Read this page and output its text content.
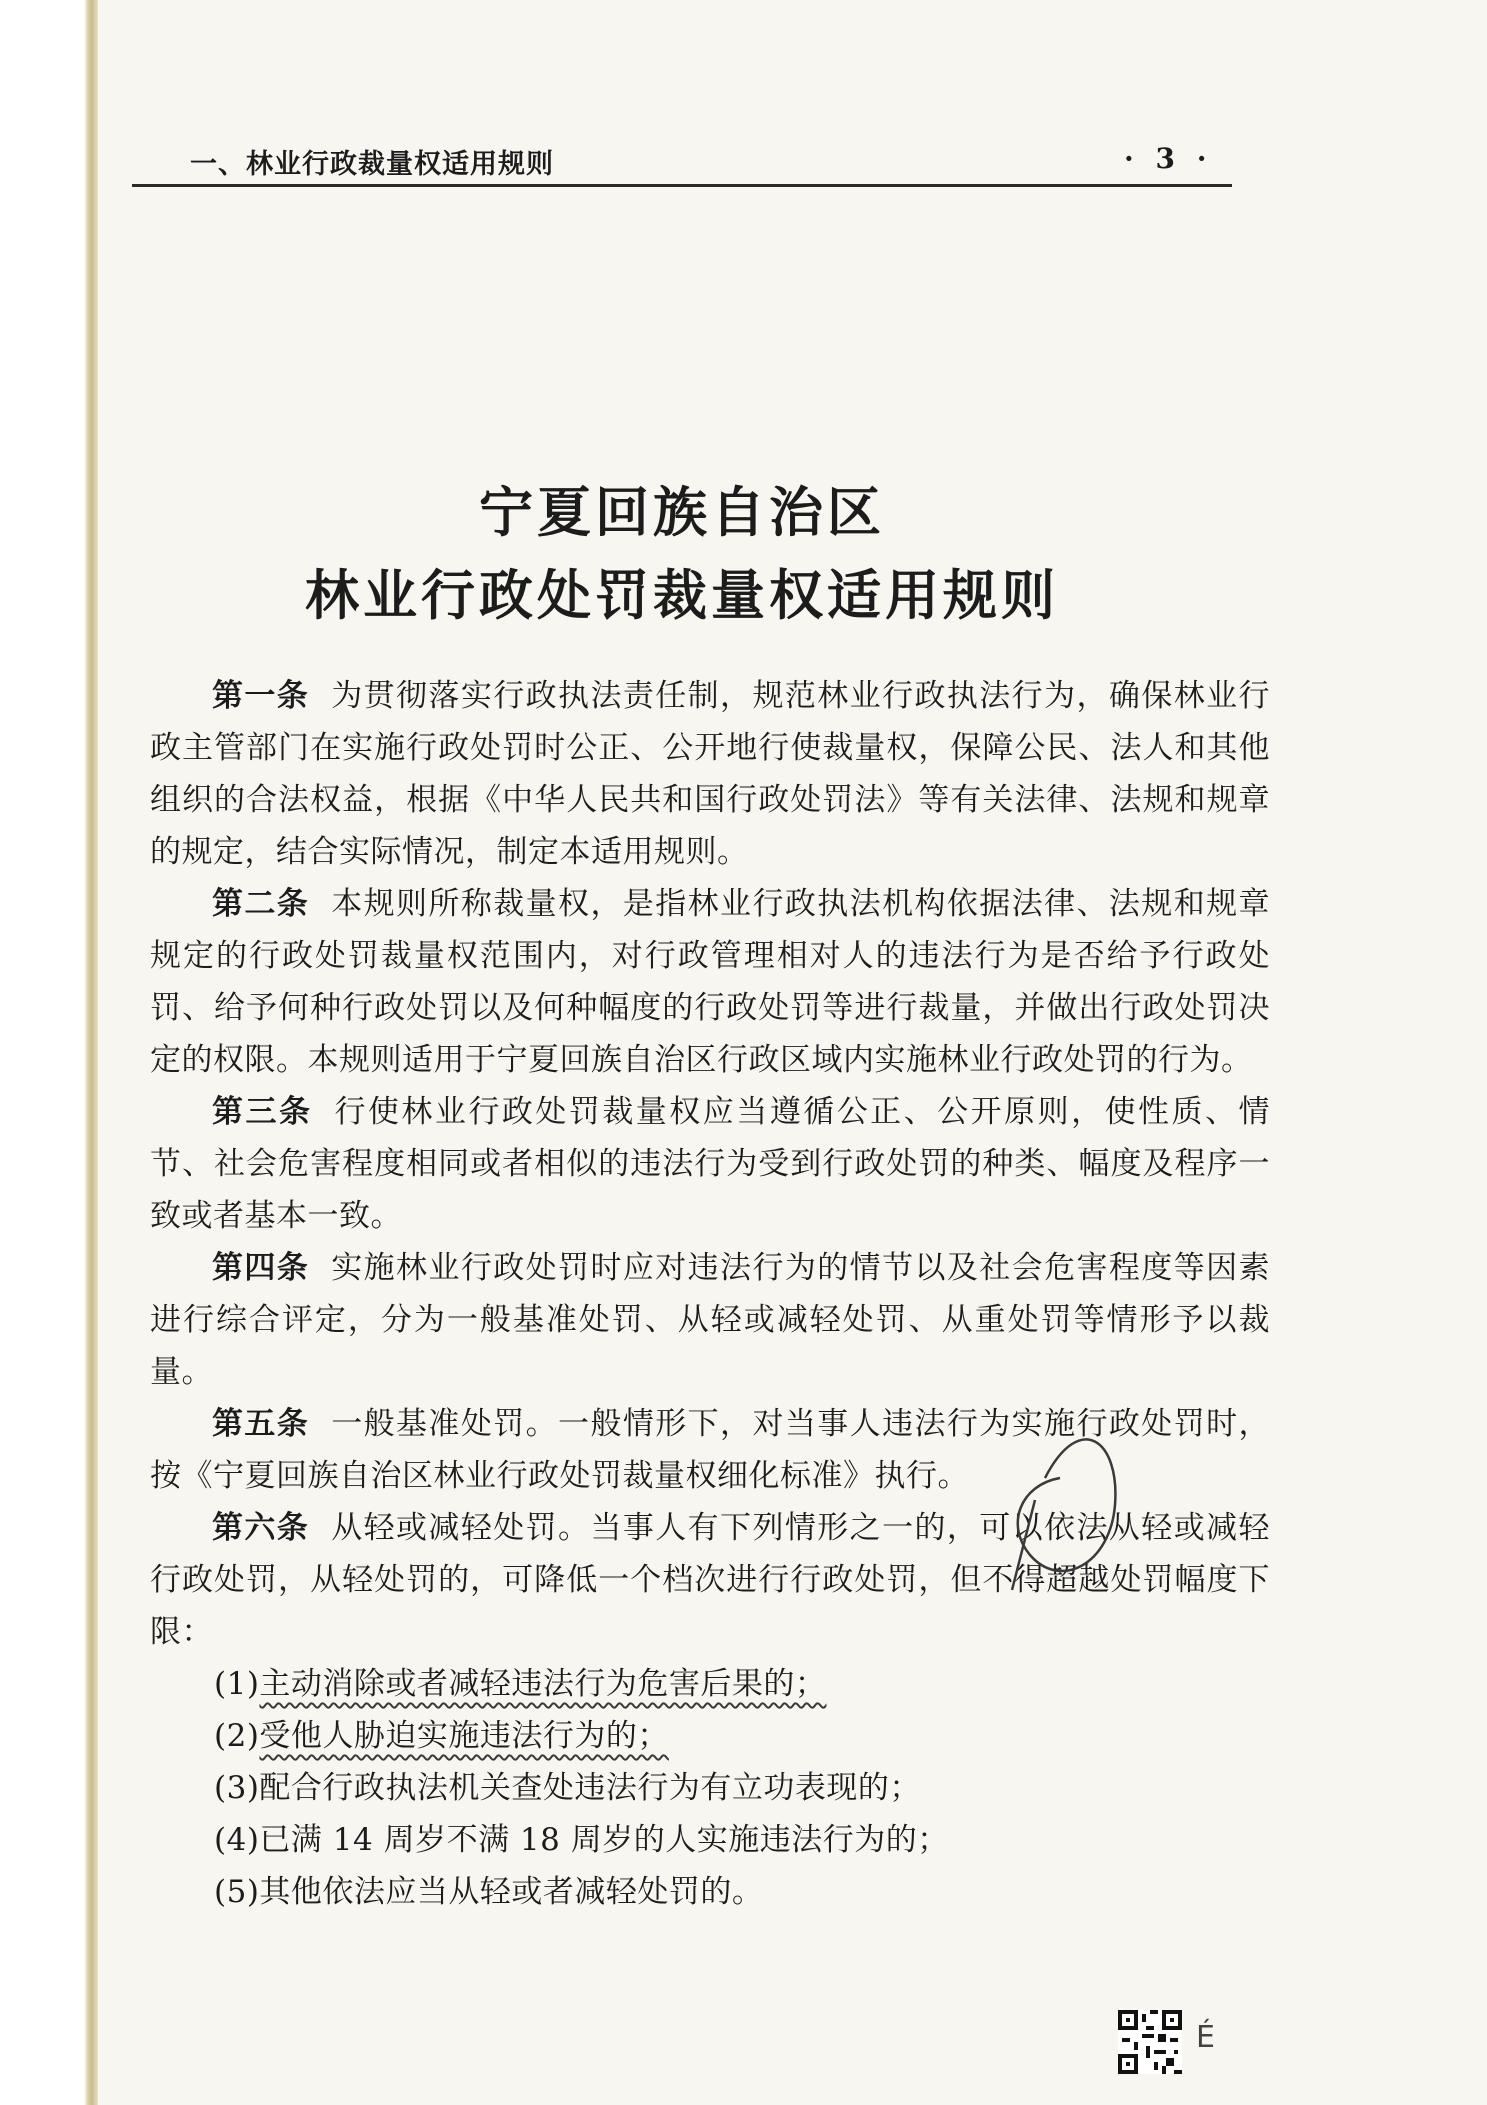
一、林业行政裁量权适用规则	· 3 ·
宁夏回族自治区
林业行政处罚裁量权适用规则

第一条 为贯彻落实行政执法责任制，规范林业行政执法行为，确保林业行政主管部门在实施行政处罚时公正、公开地行使裁量权，保障公民、法人和其他组织的合法权益，根据《中华人民共和国行政处罚法》等有关法律、法规和规章的规定，结合实际情况，制定本适用规则。

第二条 本规则所称裁量权，是指林业行政执法机构依据法律、法规和规章规定的行政处罚裁量权范围内，对行政管理相对人的违法行为是否给予行政处罚、给予何种行政处罚以及何种幅度的行政处罚等进行裁量，并做出行政处罚决定的权限。本规则适用于宁夏回族自治区行政区域内实施林业行政处罚的行为。

第三条 行使林业行政处罚裁量权应当遵循公正、公开原则，使性质、情节、社会危害程度相同或者相似的违法行为受到行政处罚的种类、幅度及程序一致或者基本一致。

第四条 实施林业行政处罚时应对违法行为的情节以及社会危害程度等因素进行综合评定，分为一般基准处罚、从轻或减轻处罚、从重处罚等情形予以裁量。

第五条 一般基准处罚。一般情形下，对当事人违法行为实施行政处罚时，按《宁夏回族自治区林业行政处罚裁量权细化标准》执行。

第六条 从轻或减轻处罚。当事人有下列情形之一的，可以依法从轻或减轻行政处罚，从轻处罚的，可降低一个档次进行行政处罚，但不得超越处罚幅度下限：

(1)主动消除或者减轻违法行为危害后果的；

(2)受他人胁迫实施违法行为的；

(3)配合行政执法机关查处违法行为有立功表现的；

(4)已满 14 周岁不满 18 周岁的人实施违法行为的；

(5)其他依法应当从轻或者减轻处罚的。

É
